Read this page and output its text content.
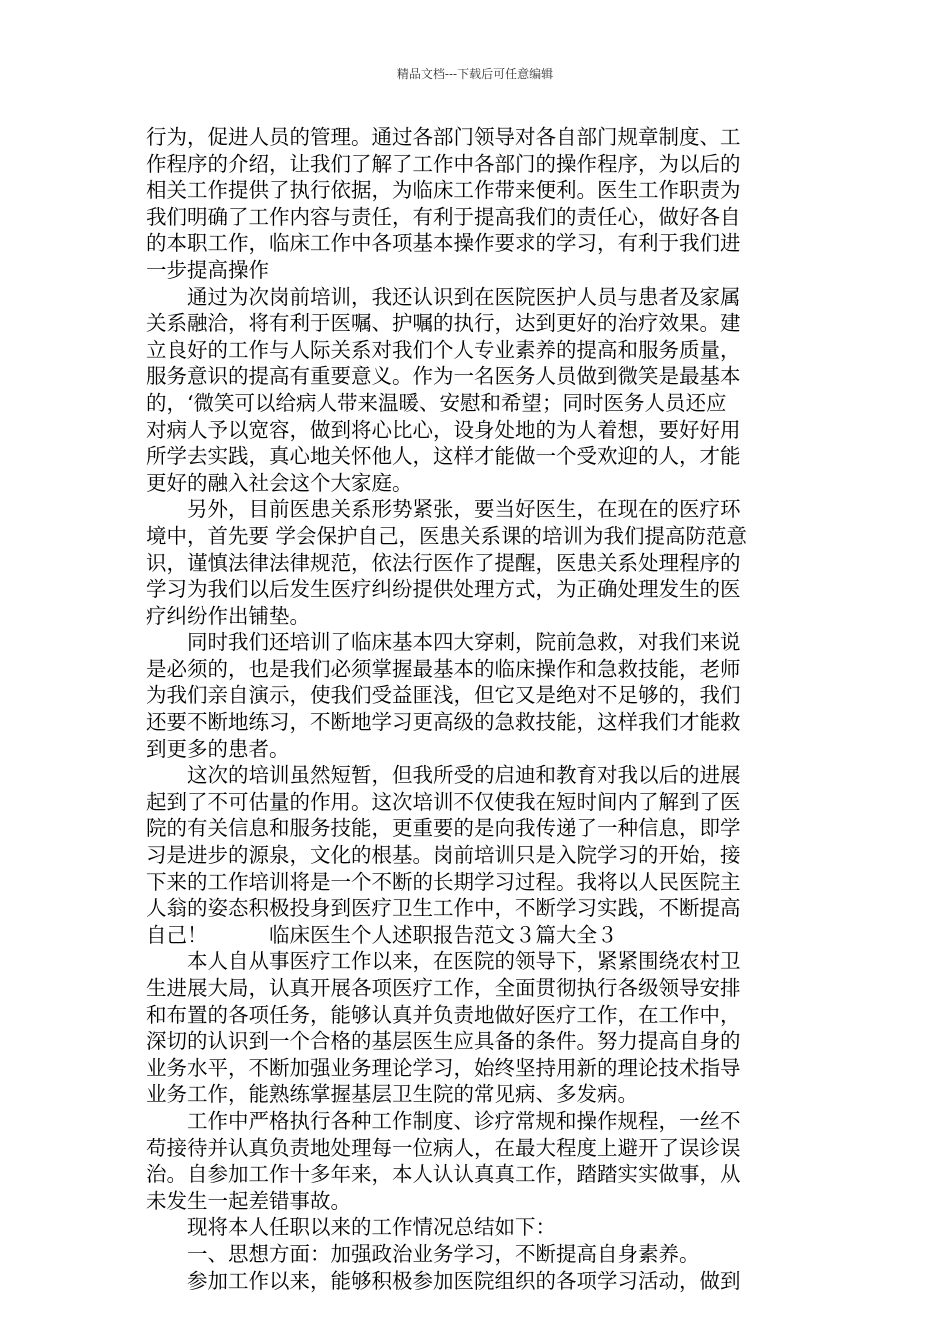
精品文档---下载后可任意编辑
行为，促进人员的管理。通过各部门领导对各自部门规章制度、工
作程序的介绍，让我们了解了工作中各部门的操作程序，为以后的
相关工作提供了执行依据，为临床工作带来便利。医生工作职责为
我们明确了工作内容与责任，有利于提高我们的责任心，做好各自
的本职工作，临床工作中各项基本操作要求的学习，有利于我们进
一步提高操作
　　通过为次岗前培训，我还认识到在医院医护人员与患者及家属
关系融洽，将有利于医嘱、护嘱的执行，达到更好的治疗效果。建
立良好的工作与人际关系对我们个人专业素养的提高和服务质量，
服务意识的提高有重要意义。作为一名医务人员做到微笑是最基本
的，‘微笑可以给病人带来温暖、安慰和希望；同时医务人员还应
对病人予以宽容，做到将心比心，设身处地的为人着想，要好好用
所学去实践，真心地关怀他人，这样才能做一个受欢迎的人，才能
更好的融入社会这个大家庭。
　　另外，目前医患关系形势紧张，要当好医生，在现在的医疗环
境中，首先要 学会保护自己，医患关系课的培训为我们提高防范意
识，谨慎法律法律规范，依法行医作了提醒，医患关系处理程序的
学习为我们以后发生医疗纠纷提供处理方式，为正确处理发生的医
疗纠纷作出铺垫。
　　同时我们还培训了临床基本四大穿刺，院前急救，对我们来说
是必须的，也是我们必须掌握最基本的临床操作和急救技能，老师
为我们亲自演示，使我们受益匪浅，但它又是绝对不足够的，我们
还要不断地练习，不断地学习更高级的急救技能，这样我们才能救
到更多的患者。
　　这次的培训虽然短暂，但我所受的启迪和教育对我以后的进展
起到了不可估量的作用。这次培训不仅使我在短时间内了解到了医
院的有关信息和服务技能，更重要的是向我传递了一种信息，即学
习是进步的源泉，文化的根基。岗前培训只是入院学习的开始，接
下来的工作培训将是一个不断的长期学习过程。我将以人民医院主
人翁的姿态积极投身到医疗卫生工作中，不断学习实践，不断提高
自己！　　　临床医生个人述职报告范文３篇大全３
　　本人自从事医疗工作以来，在医院的领导下，紧紧围绕农村卫
生进展大局，认真开展各项医疗工作，全面贯彻执行各级领导安排
和布置的各项任务，能够认真并负责地做好医疗工作，在工作中，
深切的认识到一个合格的基层医生应具备的条件。努力提高自身的
业务水平，不断加强业务理论学习，始终坚持用新的理论技术指导
业务工作，能熟练掌握基层卫生院的常见病、多发病。
　　工作中严格执行各种工作制度、诊疗常规和操作规程，一丝不
苟接待并认真负责地处理每一位病人，在最大程度上避开了误诊误
治。自参加工作十多年来，本人认认真真工作，踏踏实实做事，从
未发生一起差错事故。
　　现将本人任职以来的工作情况总结如下：
　　一、思想方面：加强政治业务学习，不断提高自身素养。
　　参加工作以来，能够积极参加医院组织的各项学习活动，做到
